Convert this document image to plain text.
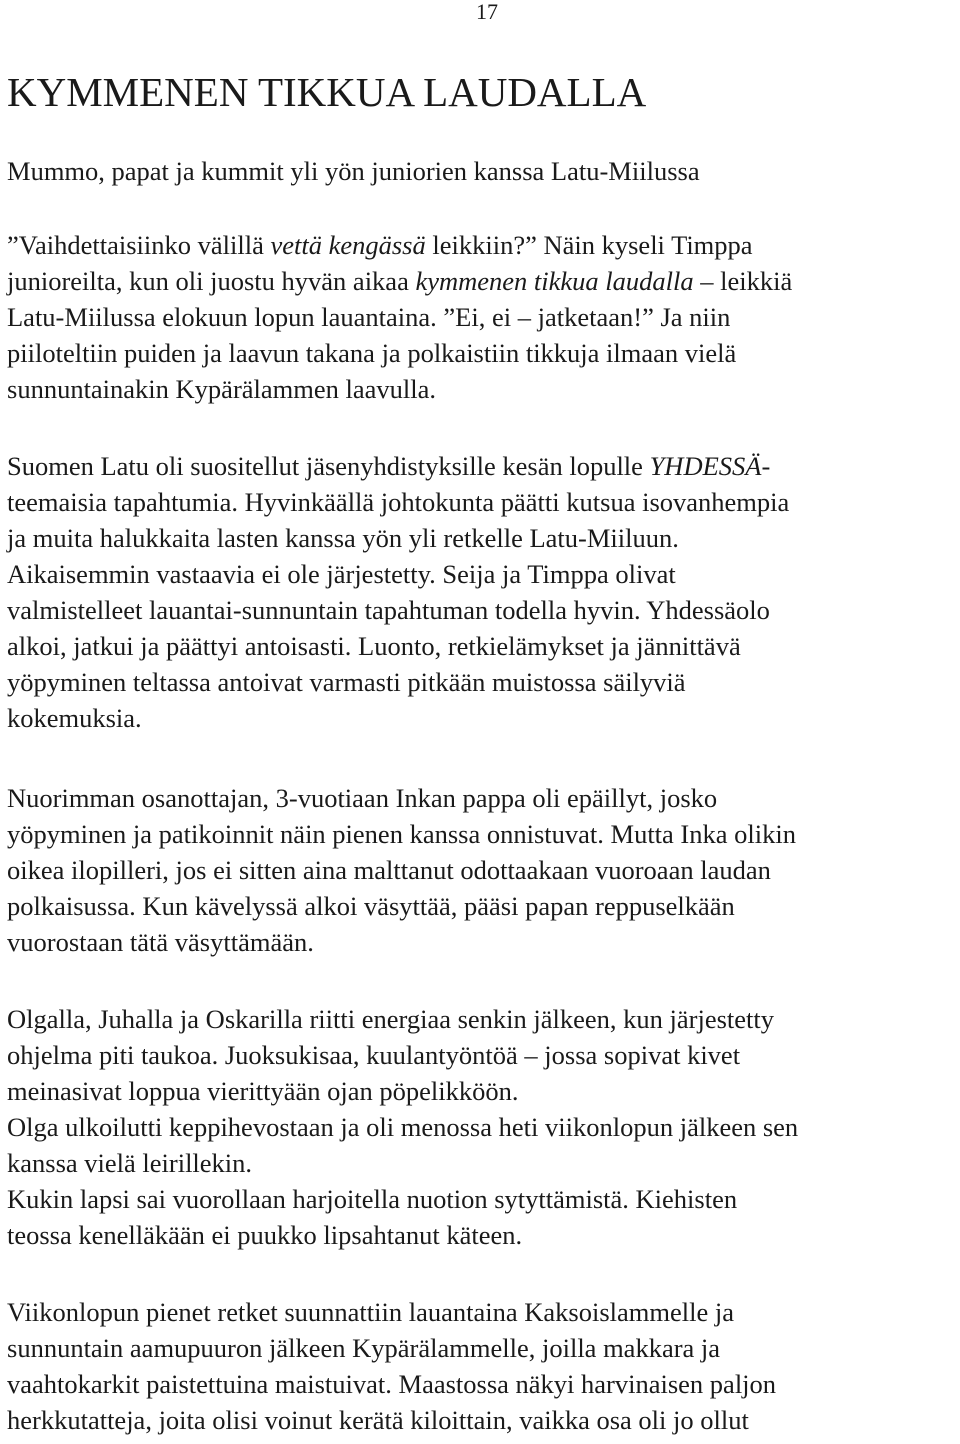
17
KYMMENEN TIKKUA LAUDALLA

Mummo, papat ja kummit yli yön juniorien kanssa Latu-Miilussa

”Vaihdettaisiinko välillä vettä kengässä leikkiin?” Näin kyseli Timppa
junioreilta, kun oli juostu hyvän aikaa kymmenen tikkua laudalla – leikkiä
Latu-Miilussa elokuun lopun lauantaina. ”Ei, ei – jatketaan!” Ja niin
piiloteltiin puiden ja laavun takana ja polkaistiin tikkuja ilmaan vielä
sunnuntainakin Kypärälammen laavulla.

Suomen Latu oli suositellut jäsenyhdistyksille kesän lopulle YHDESSÄ-
teemaisia tapahtumia. Hyvinkäällä johtokunta päätti kutsua isovanhempia
ja muita halukkaita lasten kanssa yön yli retkelle Latu-Miiluun.
Aikaisemmin vastaavia ei ole järjestetty. Seija ja Timppa olivat
valmistelleet lauantai-sunnuntain tapahtuman todella hyvin. Yhdessäolo
alkoi, jatkui ja päättyi antoisasti. Luonto, retkielämykset ja jännittävä
yöpyminen teltassa antoivat varmasti pitkään muistossa säilyviä
kokemuksia.

Nuorimman osanottajan, 3-vuotiaan Inkan pappa oli epäillyt, josko
yöpyminen ja patikoinnit näin pienen kanssa onnistuvat. Mutta Inka olikin
oikea ilopilleri, jos ei sitten aina malttanut odottaakaan vuoroaan laudan
polkaisussa. Kun kävelyssä alkoi väsyttää, pääsi papan reppuselkään
vuorostaan tätä väsyttämään.

Olgalla, Juhalla ja Oskarilla riitti energiaa senkin jälkeen, kun järjestetty
ohjelma piti taukoa. Juoksukisaa, kuulantyöntöä – jossa sopivat kivet
meinasivat loppua vierittyään ojan pöpelikköön.
Olga ulkoilutti keppihevostaan ja oli menossa heti viikonlopun jälkeen sen
kanssa vielä leirillekin.
Kukin lapsi sai vuorollaan harjoitella nuotion sytyttämistä. Kiehisten
teossa kenelläkään ei puukko lipsahtanut käteen.

Viikonlopun pienet retket suunnattiin lauantaina Kaksoislammelle ja
sunnuntain aamupuuron jälkeen Kypärälammelle, joilla makkara ja
vaahtokarkit paistettuina maistuivat. Maastossa näkyi harvinaisen paljon
herkkutatteja, joita olisi voinut kerätä kiloittain, vaikka osa oli jo ollut
